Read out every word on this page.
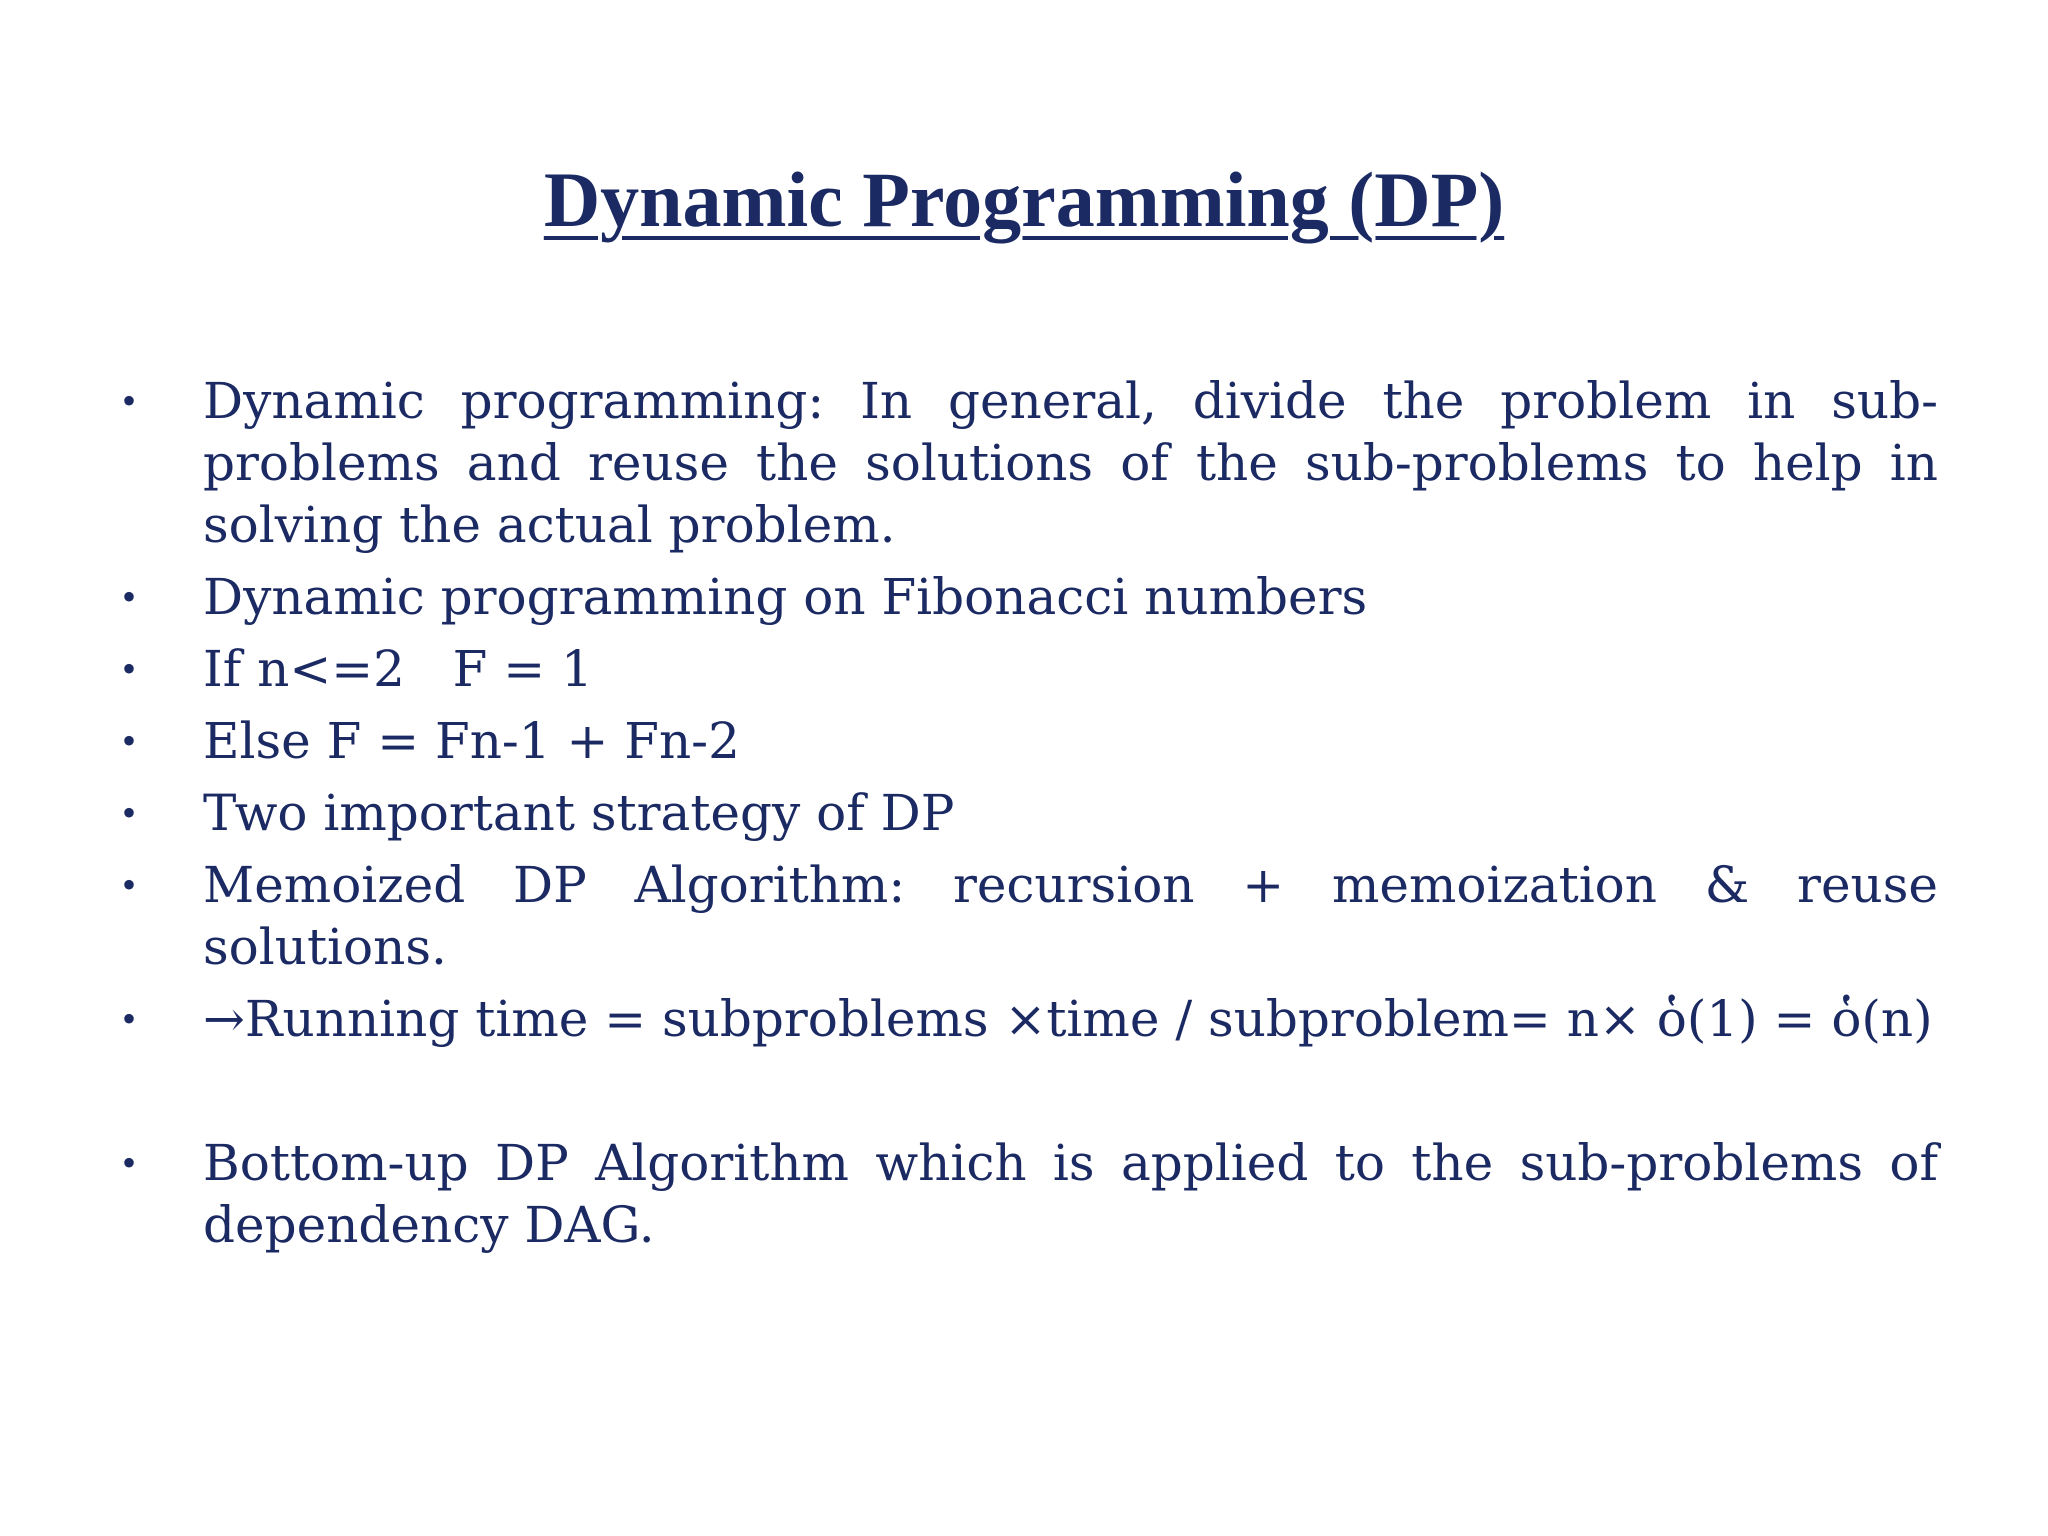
Dynamic Programming (DP)
• Dynamic programming: In general, divide the problem in sub-problems and reuse the solutions of the sub-problems to help in solving the actual problem.
• Dynamic programming on Fibonacci numbers
• If n<=2   F = 1
• Else F = Fn-1 + Fn-2
• Two important strategy of DP
• Memoized DP Algorithm: recursion + memoization & reuse solutions.
• →Running time = subproblems ×time / subproblem= n× ὁ(1) = ὁ(n)
• Bottom-up DP Algorithm which is applied to the sub-problems of dependency DAG.
